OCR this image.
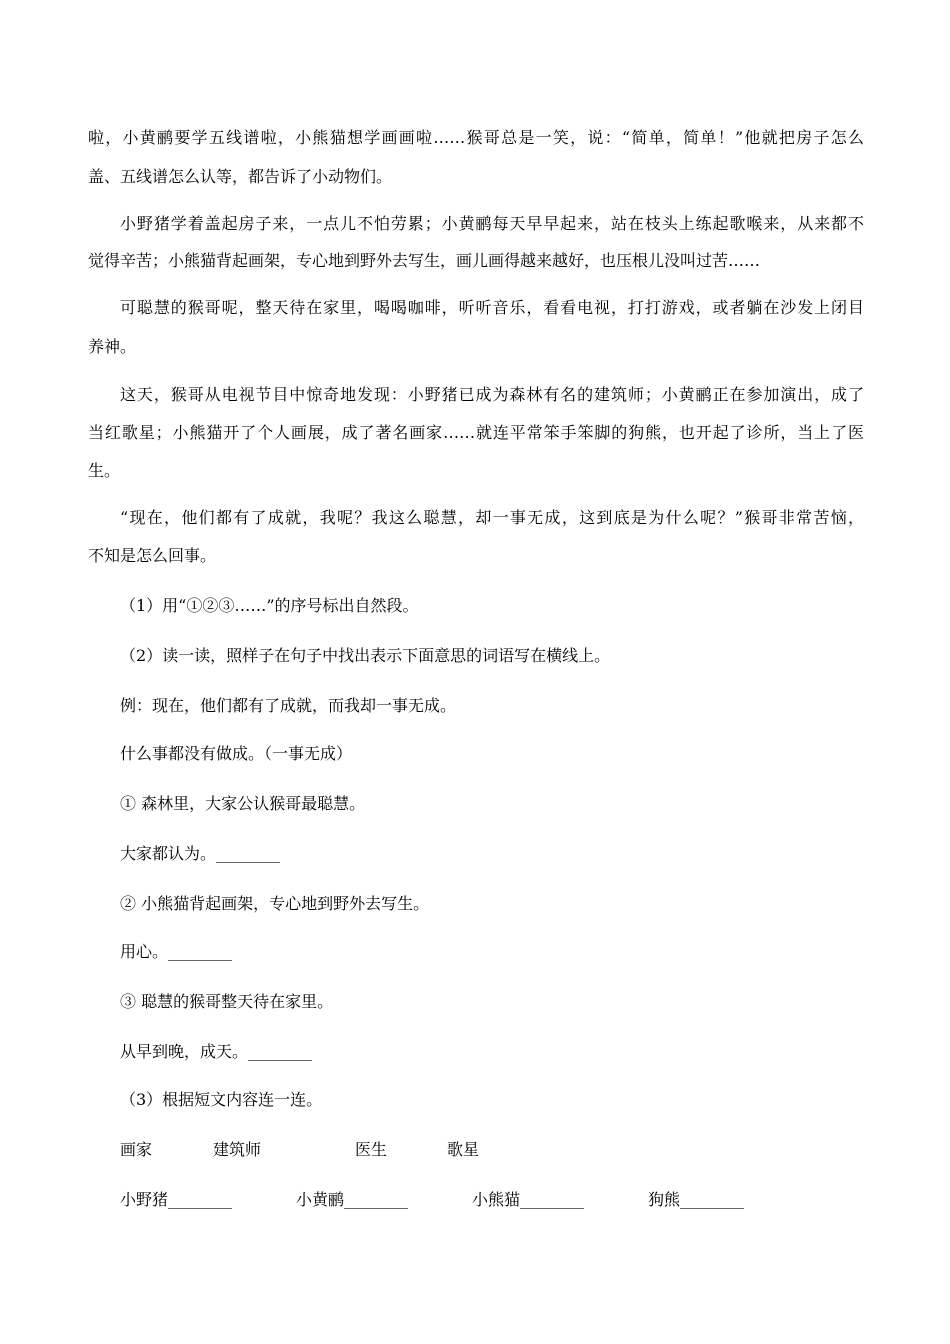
啦，小黄鹂要学五线谱啦，小熊猫想学画画啦……猴哥总是一笑，说：“简单，简单！”他就把房子怎么
盖、五线谱怎么认等，都告诉了小动物们。
小野猪学着盖起房子来，一点儿不怕劳累；小黄鹂每天早早起来，站在枝头上练起歌喉来，从来都不
觉得辛苦；小熊猫背起画架，专心地到野外去写生，画儿画得越来越好，也压根儿没叫过苦……
可聪慧的猴哥呢，整天待在家里，喝喝咖啡，听听音乐，看看电视，打打游戏，或者躺在沙发上闭目
养神。
这天，猴哥从电视节目中惊奇地发现：小野猪已成为森林有名的建筑师；小黄鹂正在参加演出，成了
当红歌星；小熊猫开了个人画展，成了著名画家……就连平常笨手笨脚的狗熊，也开起了诊所，当上了医
生。
“现在，他们都有了成就，我呢？我这么聪慧，却一事无成，这到底是为什么呢？”猴哥非常苦恼，
不知是怎么回事。
（1）用“①②③……”的序号标出自然段。
（2）读一读，照样子在句子中找出表示下面意思的词语写在横线上。
例：现在，他们都有了成就，而我却一事无成。
什么事都没有做成。（一事无成）
① 森林里，大家公认猴哥最聪慧。
大家都认为。________
② 小熊猫背起画架，专心地到野外去写生。
用心。________
③ 聪慧的猴哥整天待在家里。
从早到晚，成天。________
（3）根据短文内容连一连。
画家	建筑师	医生	歌星
小野猪________	小黄鹂________	小熊猫________	狗熊________
